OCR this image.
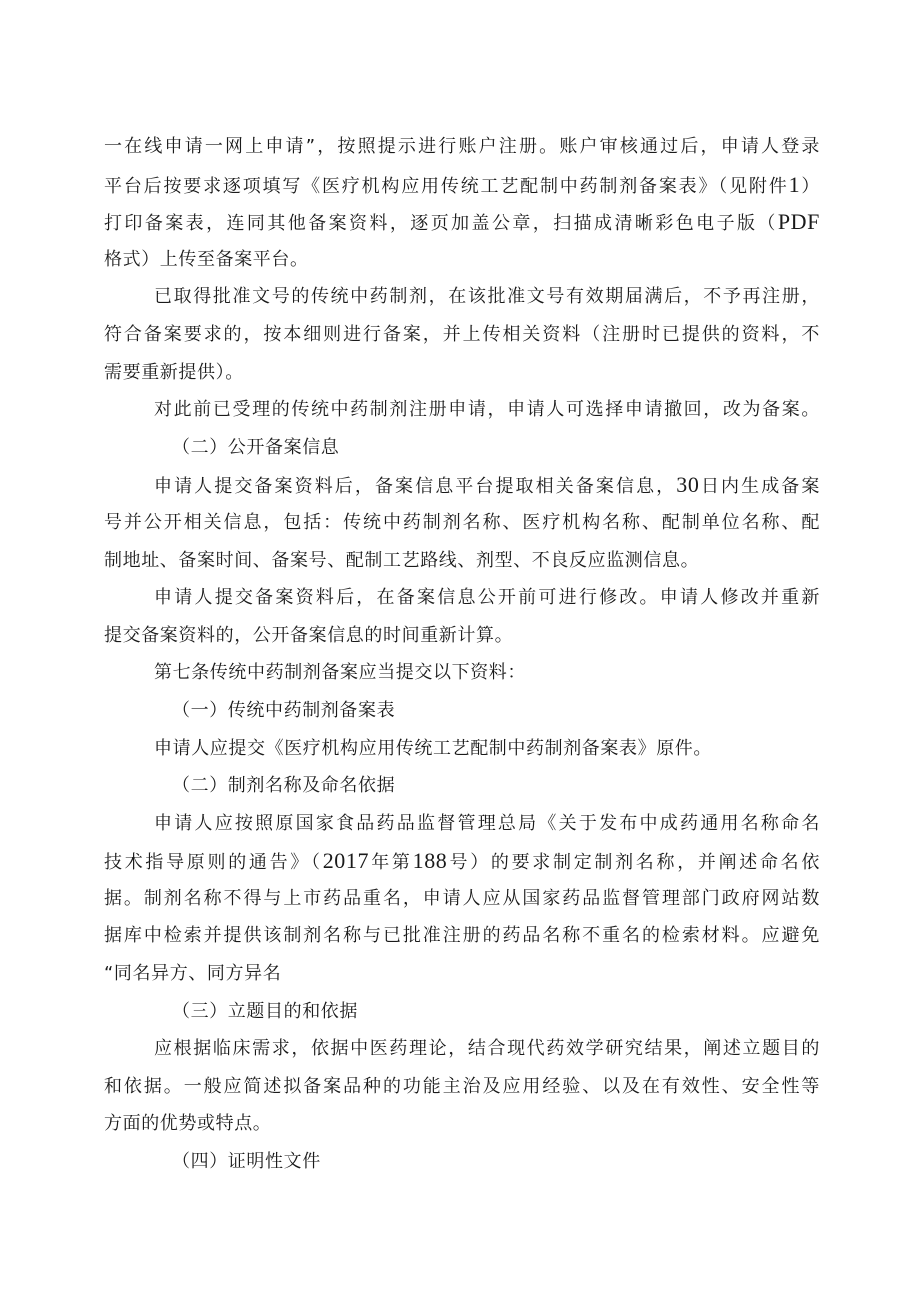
一在线申请一网上申请”，按照提示进行账户注册。账户审核通过后，申请人登录
平台后按要求逐项填写《医疗机构应用传统工艺配制中药制剂备案表》（见附件1）
打印备案表，连同其他备案资料，逐页加盖公章，扫描成清晰彩色电子版（PDF
格式）上传至备案平台。
已取得批准文号的传统中药制剂，在该批准文号有效期届满后，不予再注册，
符合备案要求的，按本细则进行备案，并上传相关资料（注册时已提供的资料，不
需要重新提供）。
对此前已受理的传统中药制剂注册申请，申请人可选择申请撤回，改为备案。
（二）公开备案信息
申请人提交备案资料后，备案信息平台提取相关备案信息，30日内生成备案
号并公开相关信息，包括：传统中药制剂名称、医疗机构名称、配制单位名称、配
制地址、备案时间、备案号、配制工艺路线、剂型、不良反应监测信息。
申请人提交备案资料后，在备案信息公开前可进行修改。申请人修改并重新
提交备案资料的，公开备案信息的时间重新计算。
第七条传统中药制剂备案应当提交以下资料：
（一）传统中药制剂备案表
申请人应提交《医疗机构应用传统工艺配制中药制剂备案表》原件。
（二）制剂名称及命名依据
申请人应按照原国家食品药品监督管理总局《关于发布中成药通用名称命名
技术指导原则的通告》（2017年第188号）的要求制定制剂名称，并阐述命名依
据。制剂名称不得与上市药品重名，申请人应从国家药品监督管理部门政府网站数
据库中检索并提供该制剂名称与已批准注册的药品名称不重名的检索材料。应避免
“同名异方、同方异名
（三）立题目的和依据
应根据临床需求，依据中医药理论，结合现代药效学研究结果，阐述立题目的
和依据。一般应简述拟备案品种的功能主治及应用经验、以及在有效性、安全性等
方面的优势或特点。
（四）证明性文件
